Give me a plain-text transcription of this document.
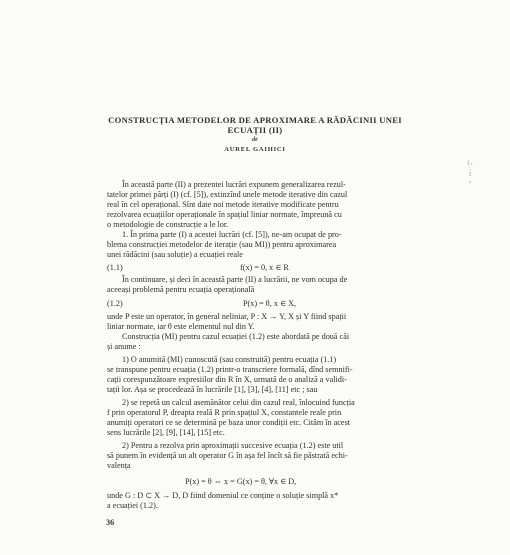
CONSTRUCȚIA METODELOR DE APROXIMARE A RĂDĂCINII UNEI
ECUAȚII (II)
de
AUREL GAIHICI
į ₄ ; 1 ₄

În această parte (II) a prezentei lucrări expunem generalizarea rezul-

tatelor primei părți (I) (cf. [5]), extinzînd unele metode iterative din cazul

real în cel operațional. Sînt date noi metode iterative modificate pentru

rezolvarea ecuațiilor operaționale în spațiul liniar normate, împreună cu

o metodologie de construcție a le lor.

1. În prima parte (I) a acestei lucrări (cf. [5]), ne-am ocupat de pro-

blema construcției metodelor de iterație (sau MI)) pentru aproximarea

unei rădăcini (sau soluție) a ecuației reale

(1.1)	f(x) = 0, x ∈ R

În continuare, și deci în această parte (II) a lucrării, ne vom ocupa de

aceeași problemă pentru ecuația operațională

(1.2)	P(x) = θ, x ∈ X,

unde P este un operator, în general neliniar, P : X → Y, X și Y fiind spații

liniar normate, iar θ este elementul nul din Y.

Construcția (MI) pentru cazul ecuației (1.2) este abordată pe două căi

și anume :

1) O anumită (MI) cunoscută (sau construită) pentru ecuația (1.1)

se transpune pentru ecuația (1.2) printr-o transcriere formală, dînd semnifi-

cații corespunzătoare expresiilor din R în X, urmată de o analiză a validi-

tații lor. Așa se procedează în lucrările [1], [3], [4], [11] etc ; sau

2) se repetă un calcul asemănător celui din cazul real, înlocuind funcția

f prin operatorul P, dreapta reală R prin spațiul X, constantele reale prin

anumiți operatori ce se determină pe baza unor condiții etc. Citâm în acest

sens lucrările [2], [9], [14], [15] etc.

2) Pentru a rezolva prin aproximații succesive ecuația (1.2) este util

să punem în evidență un alt operator G în așa fel încît să fie păstrată echi-

valența

P(x) = θ ⇔ x = G(x) = θ, ∀x ∈ D,

unde G : D ⊂ X → D, D fiind domeniul ce conține o soluție simplă x*

a ecuației (1.2).

36
